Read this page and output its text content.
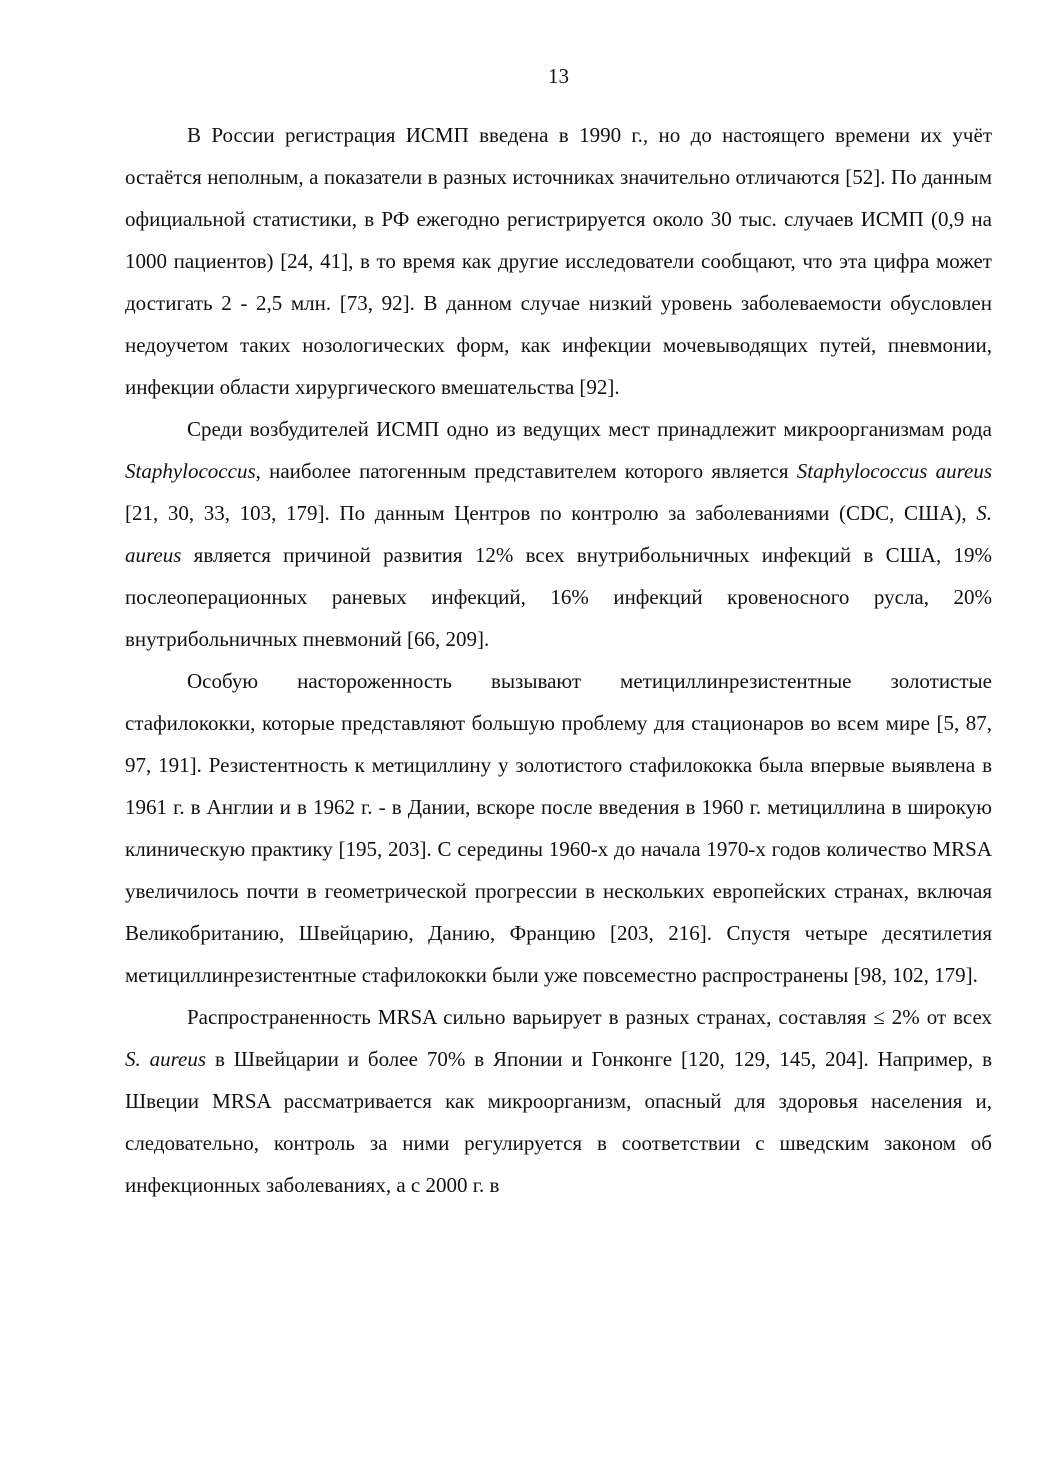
13

В России регистрация ИСМП введена в 1990 г., но до настоящего времени их учёт остаётся неполным, а показатели в разных источниках значительно отличаются [52]. По данным официальной статистики, в РФ ежегодно регистрируется около 30 тыс. случаев ИСМП (0,9 на 1000 пациентов) [24, 41], в то время как другие исследователи сообщают, что эта цифра может достигать 2 - 2,5 млн. [73, 92]. В данном случае низкий уровень заболеваемости обусловлен недоучетом таких нозологических форм, как инфекции мочевыводящих путей, пневмонии, инфекции области хирургического вмешательства [92].

Среди возбудителей ИСМП одно из ведущих мест принадлежит микроорганизмам рода Staphylococcus, наиболее патогенным представителем которого является Staphylococcus aureus [21, 30, 33, 103, 179]. По данным Центров по контролю за заболеваниями (CDC, США), S. aureus является причиной развития 12% всех внутрибольничных инфекций в США, 19% послеоперационных раневых инфекций, 16% инфекций кровеносного русла, 20% внутрибольничных пневмоний [66, 209].

Особую настороженность вызывают метициллинрезистентные золотистые стафилококки, которые представляют большую проблему для стационаров во всем мире [5, 87, 97, 191]. Резистентность к метициллину у золотистого стафилококка была впервые выявлена в 1961 г. в Англии и в 1962 г. - в Дании, вскоре после введения в 1960 г. метициллина в широкую клиническую практику [195, 203]. С середины 1960-х до начала 1970-х годов количество MRSA увеличилось почти в геометрической прогрессии в нескольких европейских странах, включая Великобританию, Швейцарию, Данию, Францию [203, 216]. Спустя четыре десятилетия метициллинрезистентные стафилококки были уже повсеместно распространены [98, 102, 179].

Распространенность MRSA сильно варьирует в разных странах, составляя ≤ 2% от всех S. aureus в Швейцарии и более 70% в Японии и Гонконге [120, 129, 145, 204]. Например, в Швеции MRSA рассматривается как микроорганизм, опасный для здоровья населения и, следовательно, контроль за ними регулируется в соответствии с шведским законом об инфекционных заболеваниях, а с 2000 г. в
